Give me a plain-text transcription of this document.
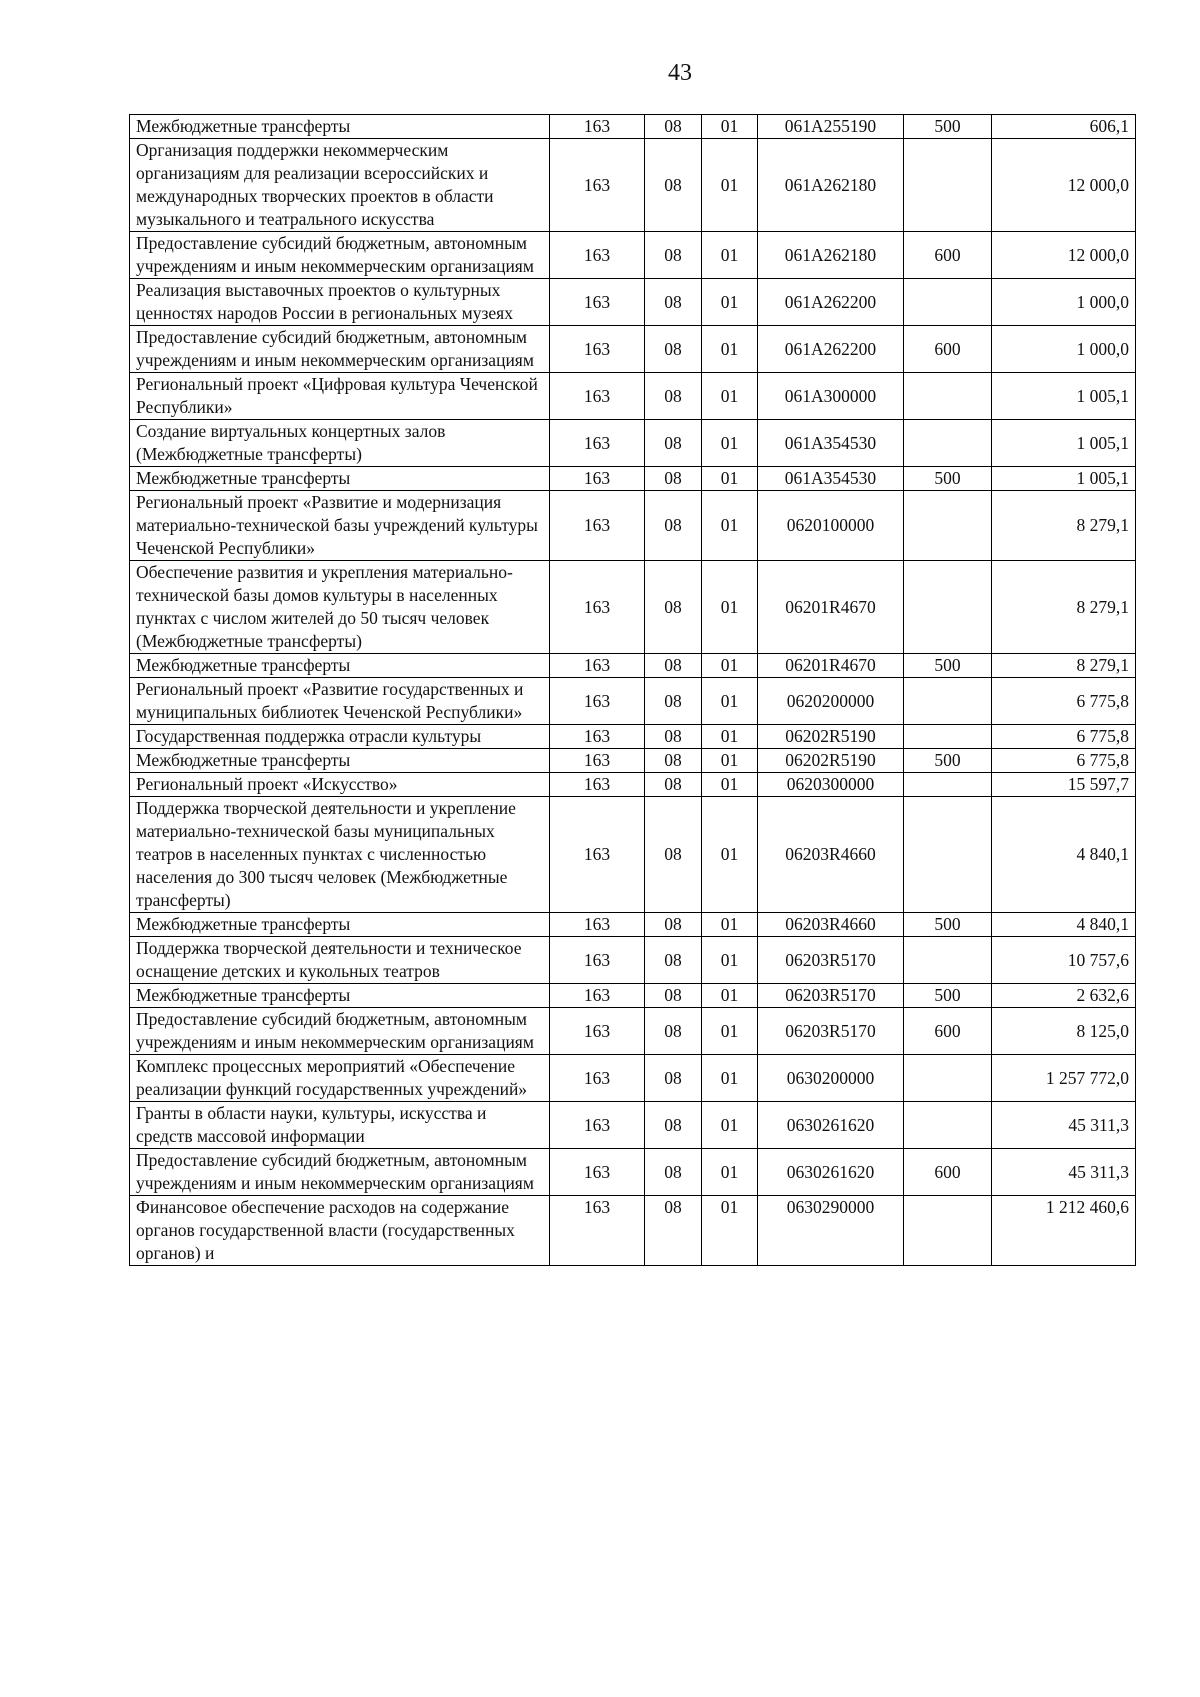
43
Межбюджетные трансферты	163	08	01	061A255190	500	606,1
Организация поддержки некоммерческим организациям для реализации всероссийских и международных творческих проектов в области музыкального и театрального искусства	163	08	01	061A262180		12 000,0
Предоставление субсидий бюджетным, автономным учреждениям и иным некоммерческим организациям	163	08	01	061A262180	600	12 000,0
Реализация выставочных проектов о культурных ценностях народов России в региональных музеях	163	08	01	061A262200		1 000,0
Предоставление субсидий бюджетным, автономным учреждениям и иным некоммерческим организациям	163	08	01	061A262200	600	1 000,0
Региональный проект «Цифровая культура Чеченской Республики»	163	08	01	061A300000		1 005,1
Создание виртуальных концертных залов (Межбюджетные трансферты)	163	08	01	061A354530		1 005,1
Межбюджетные трансферты	163	08	01	061A354530	500	1 005,1
Региональный проект «Развитие и модернизация материально-технической базы учреждений культуры Чеченской Республики»	163	08	01	0620100000		8 279,1
Обеспечение развития и укрепления материально-технической базы домов культуры в населенных пунктах с числом жителей до 50 тысяч человек (Межбюджетные трансферты)	163	08	01	06201R4670		8 279,1
Межбюджетные трансферты	163	08	01	06201R4670	500	8 279,1
Региональный проект «Развитие государственных и муниципальных библиотек Чеченской Республики»	163	08	01	0620200000		6 775,8
Государственная поддержка отрасли культуры	163	08	01	06202R5190		6 775,8
Межбюджетные трансферты	163	08	01	06202R5190	500	6 775,8
Региональный проект «Искусство»	163	08	01	0620300000		15 597,7
Поддержка творческой деятельности и укрепление материально-технической базы муниципальных театров в населенных пунктах с численностью населения до 300 тысяч человек (Межбюджетные трансферты)	163	08	01	06203R4660		4 840,1
Межбюджетные трансферты	163	08	01	06203R4660	500	4 840,1
Поддержка творческой деятельности и техническое оснащение детских и кукольных театров	163	08	01	06203R5170		10 757,6
Межбюджетные трансферты	163	08	01	06203R5170	500	2 632,6
Предоставление субсидий бюджетным, автономным учреждениям и иным некоммерческим организациям	163	08	01	06203R5170	600	8 125,0
Комплекс процессных мероприятий «Обеспечение реализации функций государственных учреждений»	163	08	01	0630200000		1 257 772,0
Гранты в области науки, культуры, искусства и средств массовой информации	163	08	01	0630261620		45 311,3
Предоставление субсидий бюджетным, автономным учреждениям и иным некоммерческим организациям	163	08	01	0630261620	600	45 311,3
Финансовое обеспечение расходов на содержание органов государственной власти (государственных органов) и	163	08	01	0630290000		1 212 460,6
